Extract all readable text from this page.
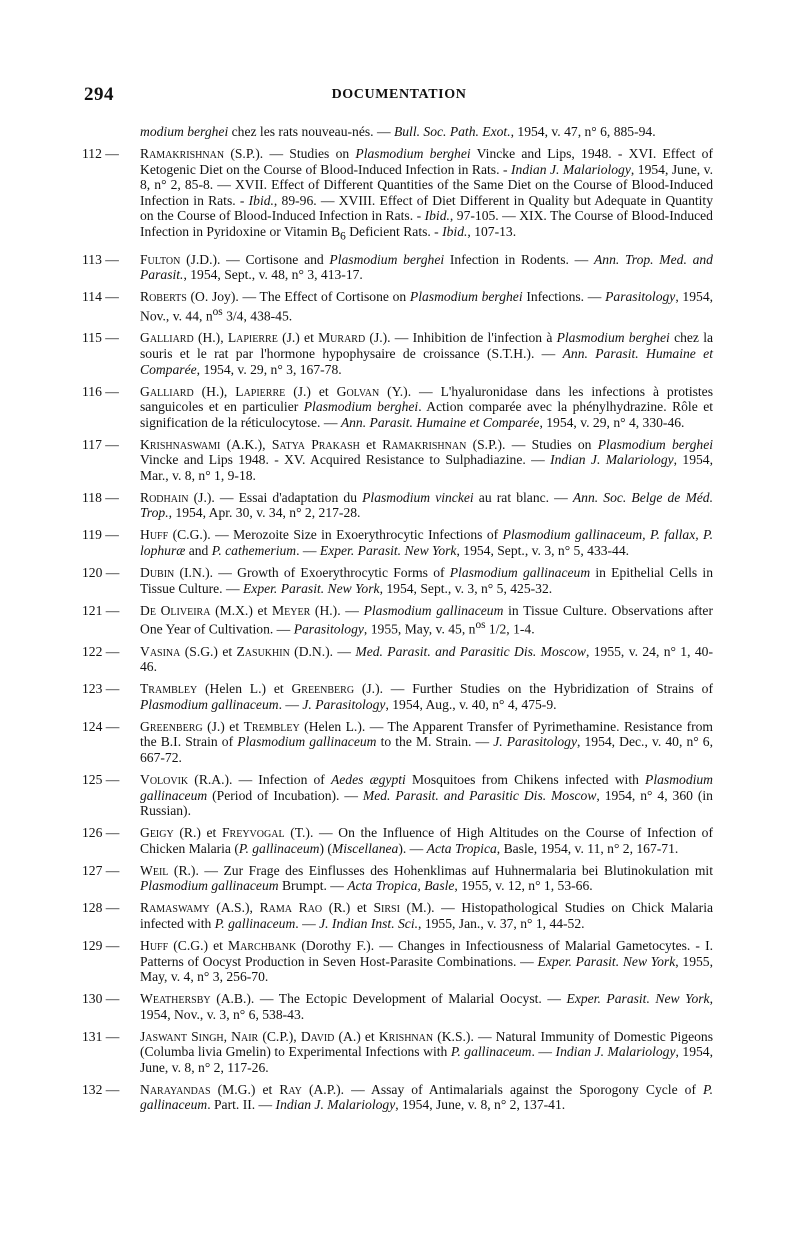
294	DOCUMENTATION
modium berghei chez les rats nouveau-nés. — Bull. Soc. Path. Exot., 1954, v. 47, n° 6, 885-94.
112 — Ramakrishnan (S.P.). — Studies on Plasmodium berghei Vincke and Lips, 1948. - XVI. Effect of Ketogenic Diet on the Course of Blood-Induced Infection in Rats. - Indian J. Malariology, 1954, June, v. 8, n° 2, 85-8. — XVII. Effect of Different Quantities of the Same Diet on the Course of Blood-Induced Infection in Rats. - Ibid., 89-96. — XVIII. Effect of Diet Different in Quality but Adequate in Quantity on the Course of Blood-Induced Infection in Rats. - Ibid., 97-105. — XIX. The Course of Blood-Induced Infection in Pyridoxine or Vitamin $B_6$ Deficient Rats. - Ibid., 107-13.
113 — Fulton (J.D.). — Cortisone and Plasmodium berghei Infection in Rodents. — Ann. Trop. Med. and Parasit., 1954, Sept., v. 48, n° 3, 413-17.
114 — Roberts (O. Joy). — The Effect of Cortisone on Plasmodium berghei Infections. — Parasitology, 1954, Nov., v. 44, $n^{os}$ 3/4, 438-45.
115 — Galliard (H.), Lapierre (J.) et Murard (J.). — Inhibition de l'infection à Plasmodium berghei chez la souris et le rat par l'hormone hypophysaire de croissance (S.T.H.). — Ann. Parasit. Humaine et Comparée, 1954, v. 29, n° 3, 167-78.
116 — Galliard (H.), Lapierre (J.) et Golvan (Y.). — L'hyaluronidase dans les infections à protistes sanguicoles et en particulier Plasmodium berghei. Action comparée avec la phénylhydrazine. Rôle et signification de la réticulocytose. — Ann. Parasit. Humaine et Comparée, 1954, v. 29, n° 4, 330-46.
117 — Krishnaswami (A.K.), Satya Prakash et Ramakrishnan (S.P.). — Studies on Plasmodium berghei Vincke and Lips 1948. - XV. Acquired Resistance to Sulphadiazine. — Indian J. Malariology, 1954, Mar., v. 8, n° 1, 9-18.
118 — Rodhain (J.). — Essai d'adaptation du Plasmodium vinckei au rat blanc. — Ann. Soc. Belge de Méd. Trop., 1954, Apr. 30, v. 34, n° 2, 217-28.
119 — Huff (C.G.). — Merozoite Size in Exoerythrocytic Infections of Plasmodium gallinaceum, P. fallax, P. lophuræ and P. cathemerium. — Exper. Parasit. New York, 1954, Sept., v. 3, n° 5, 433-44.
120 — Dubin (I.N.). — Growth of Exoerythrocytic Forms of Plasmodium gallinaceum in Epithelial Cells in Tissue Culture. — Exper. Parasit. New York, 1954, Sept., v. 3, n° 5, 425-32.
121 — De Oliveira (M.X.) et Meyer (H.). — Plasmodium gallinaceum in Tissue Culture. Observations after One Year of Cultivation. — Parasitology, 1955, May, v. 45, $n^{os}$ 1/2, 1-4.
122 — Vasina (S.G.) et Zasukhin (D.N.). — Med. Parasit. and Parasitic Dis. Moscow, 1955, v. 24, n° 1, 40-46.
123 — Trambley (Helen L.) et Greenberg (J.). — Further Studies on the Hybridization of Strains of Plasmodium gallinaceum. — J. Parasitology, 1954, Aug., v. 40, n° 4, 475-9.
124 — Greenberg (J.) et Trembley (Helen L.). — The Apparent Transfer of Pyrimethamine. Resistance from the B.I. Strain of Plasmodium gallinaceum to the M. Strain. — J. Parasitology, 1954, Dec., v. 40, n° 6, 667-72.
125 — Volovik (R.A.). — Infection of Aedes ægypti Mosquitoes from Chikens infected with Plasmodium gallinaceum (Period of Incubation). — Med. Parasit. and Parasitic Dis. Moscow, 1954, n° 4, 360 (in Russian).
126 — Geigy (R.) et Freyvogal (T.). — On the Influence of High Altitudes on the Course of Infection of Chicken Malaria (P. gallinaceum) (Miscellanea). — Acta Tropica, Basle, 1954, v. 11, n° 2, 167-71.
127 — Weil (R.). — Zur Frage des Einflusses des Hohenklimas auf Huhnermalaria bei Blutinokulation mit Plasmodium gallinaceum Brumpt. — Acta Tropica, Basle, 1955, v. 12, n° 1, 53-66.
128 — Ramaswamy (A.S.), Rama Rao (R.) et Sirsi (M.). — Histopathological Studies on Chick Malaria infected with P. gallinaceum. — J. Indian Inst. Sci., 1955, Jan., v. 37, n° 1, 44-52.
129 — Huff (C.G.) et Marchbank (Dorothy F.). — Changes in Infectiousness of Malarial Gametocytes. - I. Patterns of Oocyst Production in Seven Host-Parasite Combinations. — Exper. Parasit. New York, 1955, May, v. 4, n° 3, 256-70.
130 — Weathersby (A.B.). — The Ectopic Development of Malarial Oocyst. — Exper. Parasit. New York, 1954, Nov., v. 3, n° 6, 538-43.
131 — Jaswant Singh, Nair (C.P.), David (A.) et Krishnan (K.S.). — Natural Immunity of Domestic Pigeons (Columba livia Gmelin) to Experimental Infections with P. gallinaceum. — Indian J. Malariology, 1954, June, v. 8, n° 2, 117-26.
132 — Narayandas (M.G.) et Ray (A.P.). — Assay of Antimalarials against the Sporogony Cycle of P. gallinaceum. Part. II. — Indian J. Malariology, 1954, June, v. 8, n° 2, 137-41.
